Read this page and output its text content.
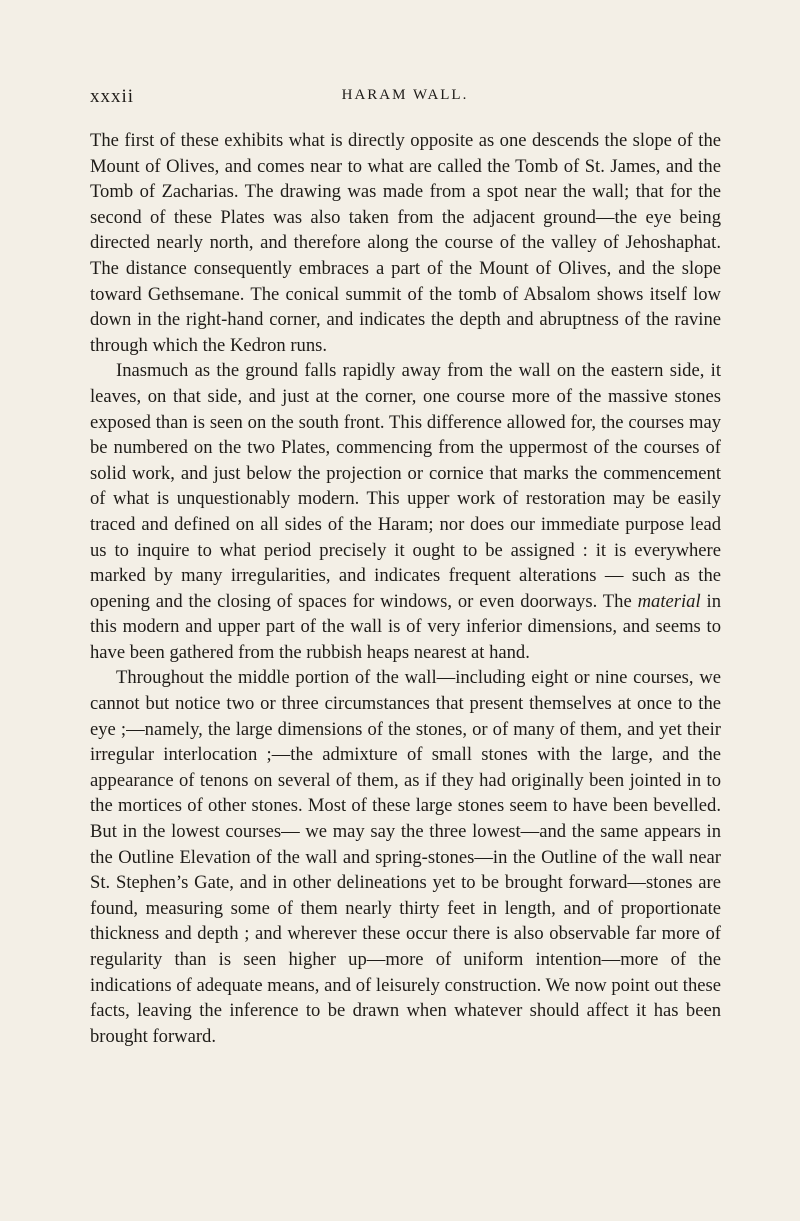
xxxii	HARAM WALL.

The first of these exhibits what is directly opposite as one descends the slope of the Mount of Olives, and comes near to what are called the Tomb of St. James, and the Tomb of Zacharias. The drawing was made from a spot near the wall; that for the second of these Plates was also taken from the adjacent ground—the eye being directed nearly north, and therefore along the course of the valley of Jehoshaphat. The distance consequently embraces a part of the Mount of Olives, and the slope toward Gethsemane. The conical summit of the tomb of Absalom shows itself low down in the right-hand corner, and indicates the depth and abruptness of the ravine through which the Kedron runs.

Inasmuch as the ground falls rapidly away from the wall on the eastern side, it leaves, on that side, and just at the corner, one course more of the massive stones exposed than is seen on the south front. This difference allowed for, the courses may be numbered on the two Plates, commencing from the uppermost of the courses of solid work, and just below the projection or cornice that marks the commencement of what is unquestionably modern. This upper work of restoration may be easily traced and defined on all sides of the Haram; nor does our immediate purpose lead us to inquire to what period precisely it ought to be assigned : it is everywhere marked by many irregularities, and indicates frequent alterations — such as the opening and the closing of spaces for windows, or even doorways. The material in this modern and upper part of the wall is of very inferior dimensions, and seems to have been gathered from the rubbish heaps nearest at hand.

Throughout the middle portion of the wall—including eight or nine courses, we cannot but notice two or three circumstances that present themselves at once to the eye ;—namely, the large dimensions of the stones, or of many of them, and yet their irregular interlocation ;—the admixture of small stones with the large, and the appearance of tenons on several of them, as if they had originally been jointed in to the mortices of other stones. Most of these large stones seem to have been bevelled. But in the lowest courses— we may say the three lowest—and the same appears in the Outline Elevation of the wall and spring-stones—in the Outline of the wall near St. Stephen’s Gate, and in other delineations yet to be brought forward—stones are found, measuring some of them nearly thirty feet in length, and of proportionate thickness and depth ; and wherever these occur there is also observable far more of regularity than is seen higher up—more of uniform intention—more of the indications of adequate means, and of leisurely construction. We now point out these facts, leaving the inference to be drawn when whatever should affect it has been brought forward.
